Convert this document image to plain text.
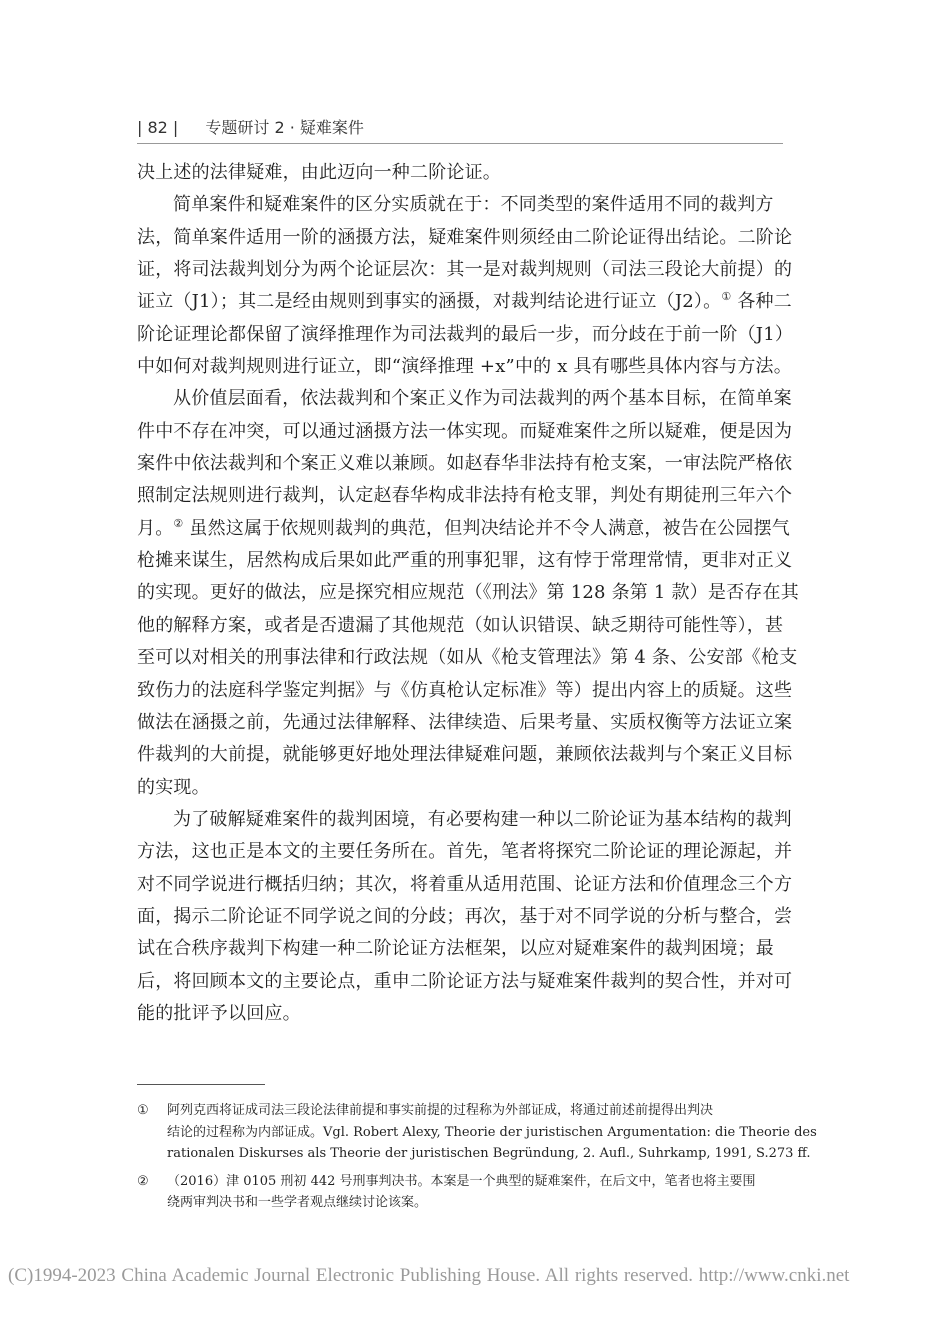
| 82 | 专题研讨 2 · 疑难案件

决上述的法律疑难，由此迈向一种二阶论证。

简单案件和疑难案件的区分实质就在于：不同类型的案件适用不同的裁判方
法，简单案件适用一阶的涵摄方法，疑难案件则须经由二阶论证得出结论。二阶论
证，将司法裁判划分为两个论证层次：其一是对裁判规则（司法三段论大前提）的
证立（J1）；其二是经由规则到事实的涵摄，对裁判结论进行证立（J2）。① 各种二
阶论证理论都保留了演绎推理作为司法裁判的最后一步，而分歧在于前一阶（J1）
中如何对裁判规则进行证立，即“演绎推理 +x”中的 x 具有哪些具体内容与方法。

从价值层面看，依法裁判和个案正义作为司法裁判的两个基本目标，在简单案
件中不存在冲突，可以通过涵摄方法一体实现。而疑难案件之所以疑难，便是因为
案件中依法裁判和个案正义难以兼顾。如赵春华非法持有枪支案，一审法院严格依
照制定法规则进行裁判，认定赵春华构成非法持有枪支罪，判处有期徒刑三年六个
月。② 虽然这属于依规则裁判的典范，但判决结论并不令人满意，被告在公园摆气
枪摊来谋生，居然构成后果如此严重的刑事犯罪，这有悖于常理常情，更非对正义
的实现。更好的做法，应是探究相应规范（《刑法》第 128 条第 1 款）是否存在其
他的解释方案，或者是否遗漏了其他规范（如认识错误、缺乏期待可能性等），甚
至可以对相关的刑事法律和行政法规（如从《枪支管理法》第 4 条、公安部《枪支
致伤力的法庭科学鉴定判据》与《仿真枪认定标准》等）提出内容上的质疑。这些
做法在涵摄之前，先通过法律解释、法律续造、后果考量、实质权衡等方法证立案
件裁判的大前提，就能够更好地处理法律疑难问题，兼顾依法裁判与个案正义目标
的实现。

为了破解疑难案件的裁判困境，有必要构建一种以二阶论证为基本结构的裁判
方法，这也正是本文的主要任务所在。首先，笔者将探究二阶论证的理论源起，并
对不同学说进行概括归纳；其次，将着重从适用范围、论证方法和价值理念三个方
面，揭示二阶论证不同学说之间的分歧；再次，基于对不同学说的分析与整合，尝
试在合秩序裁判下构建一种二阶论证方法框架，以应对疑难案件的裁判困境；最
后，将回顾本文的主要论点，重申二阶论证方法与疑难案件裁判的契合性，并对可
能的批评予以回应。

① 阿列克西将证成司法三段论法律前提和事实前提的过程称为外部证成，将通过前述前提得出判决
结论的过程称为内部证成。Vgl. Robert Alexy, Theorie der juristischen Argumentation: die Theorie des
rationalen Diskurses als Theorie der juristischen Begründung, 2. Aufl., Suhrkamp, 1991, S.273 ff.
② （2016）津 0105 刑初 442 号刑事判决书。本案是一个典型的疑难案件，在后文中，笔者也将主要围
绕两审判决书和一些学者观点继续讨论该案。
(C)1994-2023 China Academic Journal Electronic Publishing House. All rights reserved. http://www.cnki.net
